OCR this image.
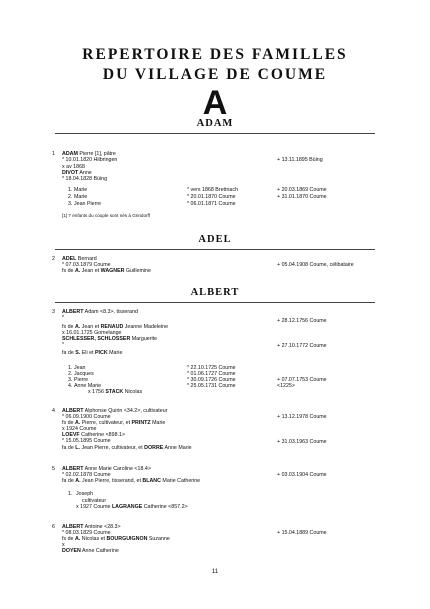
REPERTOIRE DES FAMILLES
DU VILLAGE DE COUME
A
ADAM
1 ADAM Pierre [1], pâtre
* 10.01.1820 Hilbringen	+ 13.11.1895 Büing
x av 1868
DIVOT Anne
* 18.04.1828 Büing
1. Marie	* vers 1868 Brettnach	+ 20.03.1869 Coume
2. Marie	* 20.01.1870 Coume	+ 31.01.1870 Coume
3. Jean Pierre	* 06.01.1871 Coume
[1] 7 enfants du couple sont nés à Grindorff
ADEL
2 ADEL Bernard
* 07.03.1879 Coume	+ 05.04.1908 Coume, célibataire
fs de A. Jean et WAGNER Guillemine
ALBERT
3 ALBERT Adam <8.3>, tisserand
*	+ 28.12.1756 Coume
fs de A. Jean et RENAUD Jeanne Madeleine
x 16.01.1725 Gomelange
SCHLESSER, SCHLOSSER Marguerite
*	+ 27.10.1772 Coume
fa de S. Eli et PICK Marie
1. Jean	* 22.10.1725 Coume
2. Jacques	* 01.06.1727 Coume
3. Pierre	* 30.09.1726 Coume	+ 07.07.1753 Coume
4. Anne Marie	* 25.05.1731 Coume	<1225>
x 1756 STACK Nicolas
4 ALBERT Alphonse Quirin <34.2>, cultivateur
* 06.09.1900 Coume	+ 13.12.1978 Coume
fs de A. Pierre, cultivateur, et PRINTZ Marie
x 1924 Coume
LOEVF Catherine <898.1>
* 15.05.1895 Coume	+ 31.03.1963 Coume
fa de L. Jean Pierre, cultivateur, et DORRE Anne Marie
5 ALBERT Anne Marie Caroline <18.4>
* 02.02.1878 Coume	+ 03.03.1904 Coume
fa de A. Jean Pierre, tisserand, et BLANC Marie Catherine
1. Joseph
cultivateur
x 1927 Coume LAGRANGE Catherine <857.2>
6 ALBERT Antoine <28.3>
* 08.03.1829 Coume	+ 15.04.1889 Coume
fs de A. Nicolas et BOURGUIGNON Suzanne
x
DOYEN Anne Catherine
11
